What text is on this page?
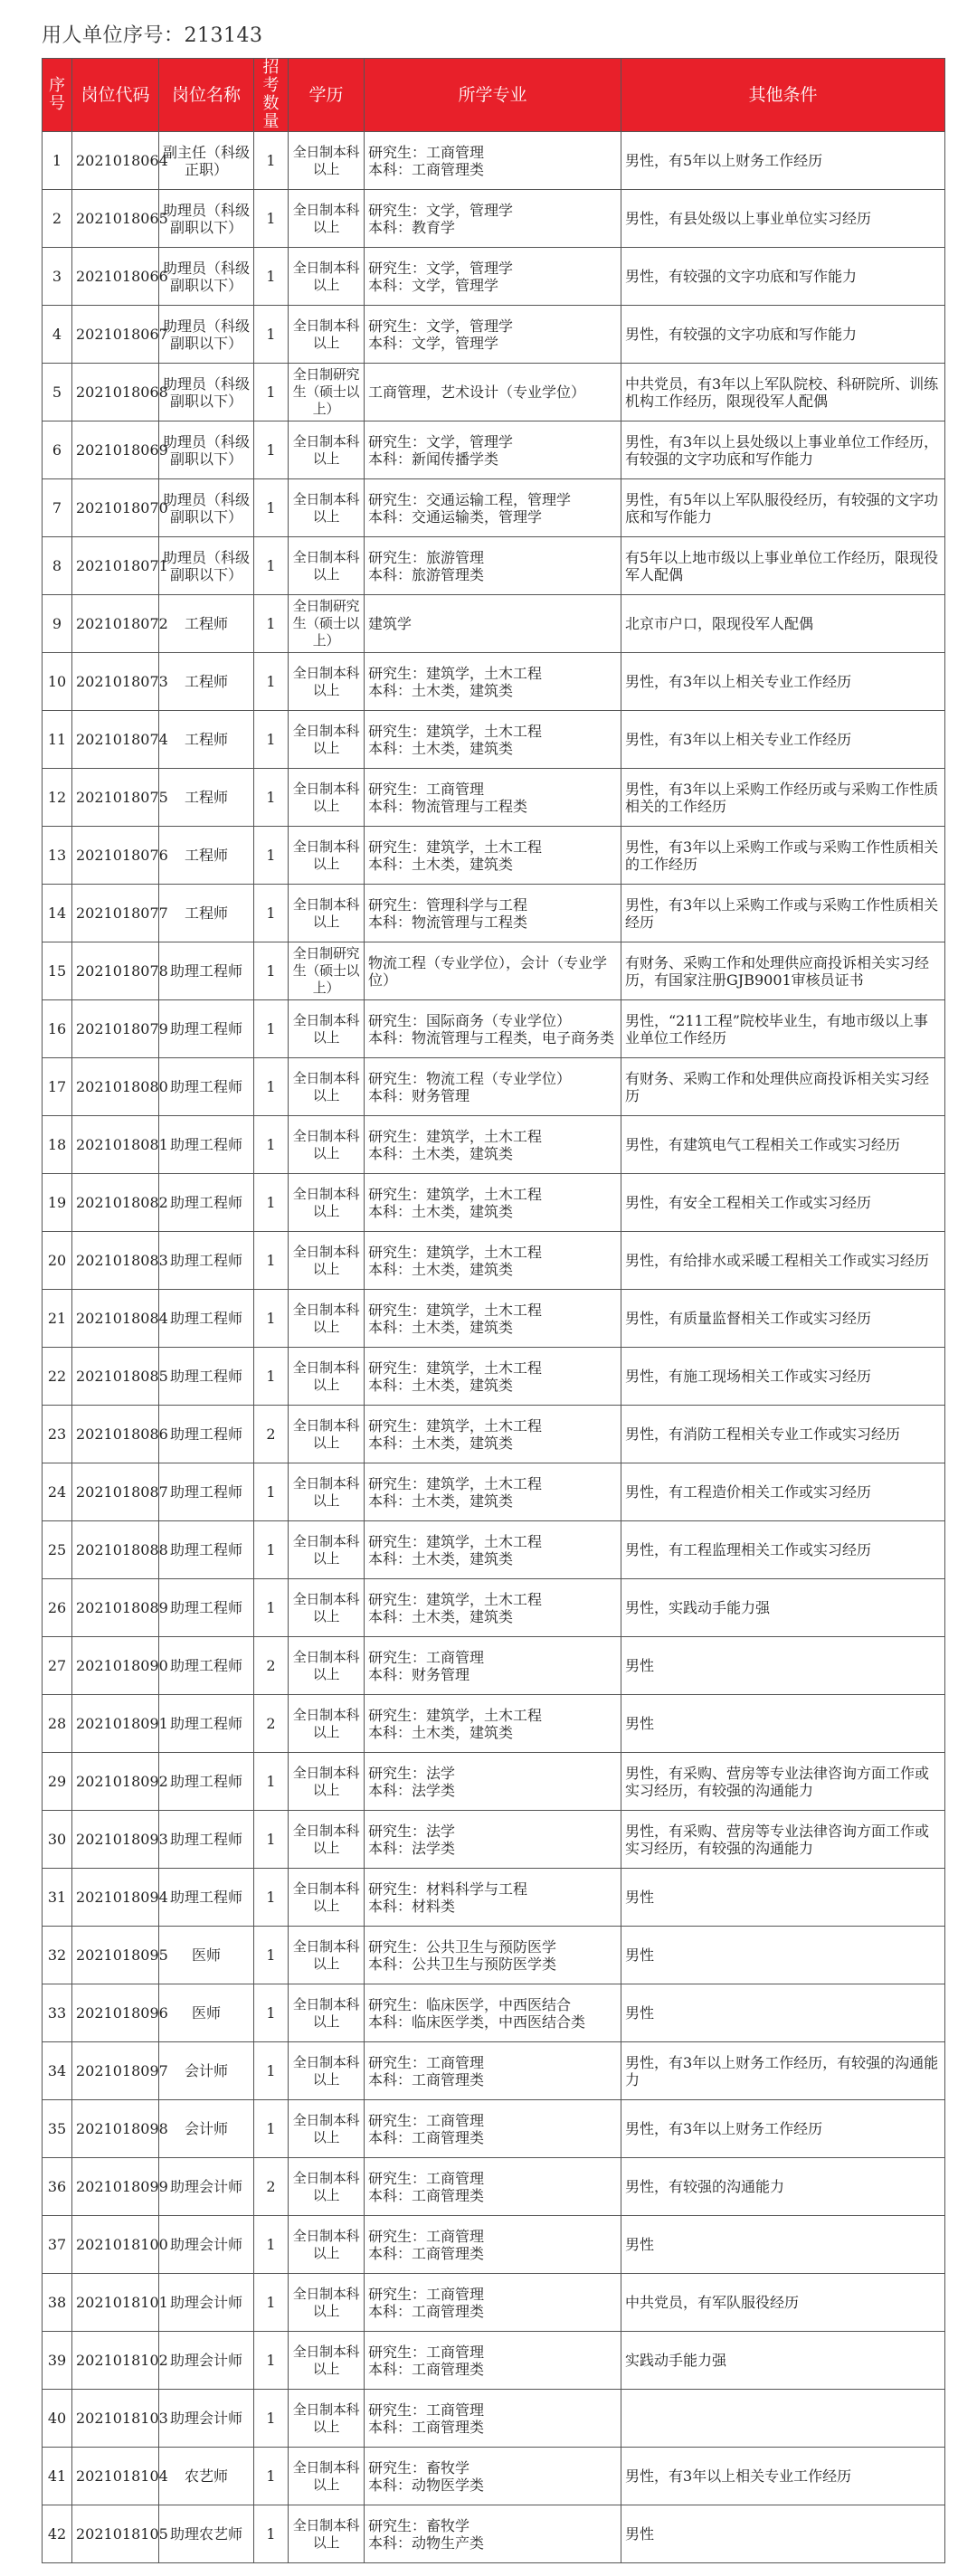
用人单位序号：213143
序号	岗位代码	岗位名称	招考数量	学历	所学专业	其他条件
1	2021018064	副主任（科级正职）	1	全日制本科以上	研究生：工商管理
本科：工商管理类	男性，有5年以上财务工作经历
2	2021018065	助理员（科级副职以下）	1	全日制本科以上	研究生：文学，管理学
本科：教育学	男性，有县处级以上事业单位实习经历
3	2021018066	助理员（科级副职以下）	1	全日制本科以上	研究生：文学，管理学
本科：文学，管理学	男性，有较强的文字功底和写作能力
4	2021018067	助理员（科级副职以下）	1	全日制本科以上	研究生：文学，管理学
本科：文学，管理学	男性，有较强的文字功底和写作能力
5	2021018068	助理员（科级副职以下）	1	全日制研究生（硕士以上）	工商管理，艺术设计（专业学位）	中共党员，有3年以上军队院校、科研院所、训练机构工作经历，限现役军人配偶
6	2021018069	助理员（科级副职以下）	1	全日制本科以上	研究生：文学，管理学
本科：新闻传播学类	男性，有3年以上县处级以上事业单位工作经历，有较强的文字功底和写作能力
7	2021018070	助理员（科级副职以下）	1	全日制本科以上	研究生：交通运输工程，管理学
本科：交通运输类，管理学	男性，有5年以上军队服役经历，有较强的文字功底和写作能力
8	2021018071	助理员（科级副职以下）	1	全日制本科以上	研究生：旅游管理
本科：旅游管理类	有5年以上地市级以上事业单位工作经历，限现役军人配偶
9	2021018072	工程师	1	全日制研究生（硕士以上）	建筑学	北京市户口，限现役军人配偶
10	2021018073	工程师	1	全日制本科以上	研究生：建筑学，土木工程
本科：土木类，建筑类	男性，有3年以上相关专业工作经历
11	2021018074	工程师	1	全日制本科以上	研究生：建筑学，土木工程
本科：土木类，建筑类	男性，有3年以上相关专业工作经历
12	2021018075	工程师	1	全日制本科以上	研究生：工商管理
本科：物流管理与工程类	男性，有3年以上采购工作经历或与采购工作性质相关的工作经历
13	2021018076	工程师	1	全日制本科以上	研究生：建筑学，土木工程
本科：土木类，建筑类	男性，有3年以上采购工作或与采购工作性质相关的工作经历
14	2021018077	工程师	1	全日制本科以上	研究生：管理科学与工程
本科：物流管理与工程类	男性，有3年以上采购工作或与采购工作性质相关经历
15	2021018078	助理工程师	1	全日制研究生（硕士以上）	物流工程（专业学位），会计（专业学位）	有财务、采购工作和处理供应商投诉相关实习经历，有国家注册GJB9001审核员证书
16	2021018079	助理工程师	1	全日制本科以上	研究生：国际商务（专业学位）
本科：物流管理与工程类，电子商务类	男性，“211工程”院校毕业生，有地市级以上事业单位工作经历
17	2021018080	助理工程师	1	全日制本科以上	研究生：物流工程（专业学位）
本科：财务管理	有财务、采购工作和处理供应商投诉相关实习经历
18	2021018081	助理工程师	1	全日制本科以上	研究生：建筑学，土木工程
本科：土木类，建筑类	男性，有建筑电气工程相关工作或实习经历
19	2021018082	助理工程师	1	全日制本科以上	研究生：建筑学，土木工程
本科：土木类，建筑类	男性，有安全工程相关工作或实习经历
20	2021018083	助理工程师	1	全日制本科以上	研究生：建筑学，土木工程
本科：土木类，建筑类	男性，有给排水或采暖工程相关工作或实习经历
21	2021018084	助理工程师	1	全日制本科以上	研究生：建筑学，土木工程
本科：土木类，建筑类	男性，有质量监督相关工作或实习经历
22	2021018085	助理工程师	1	全日制本科以上	研究生：建筑学，土木工程
本科：土木类，建筑类	男性，有施工现场相关工作或实习经历
23	2021018086	助理工程师	2	全日制本科以上	研究生：建筑学，土木工程
本科：土木类，建筑类	男性，有消防工程相关专业工作或实习经历
24	2021018087	助理工程师	1	全日制本科以上	研究生：建筑学，土木工程
本科：土木类，建筑类	男性，有工程造价相关工作或实习经历
25	2021018088	助理工程师	1	全日制本科以上	研究生：建筑学，土木工程
本科：土木类，建筑类	男性，有工程监理相关工作或实习经历
26	2021018089	助理工程师	1	全日制本科以上	研究生：建筑学，土木工程
本科：土木类，建筑类	男性，实践动手能力强
27	2021018090	助理工程师	2	全日制本科以上	研究生：工商管理
本科：财务管理	男性
28	2021018091	助理工程师	2	全日制本科以上	研究生：建筑学，土木工程
本科：土木类，建筑类	男性
29	2021018092	助理工程师	1	全日制本科以上	研究生：法学
本科：法学类	男性，有采购、营房等专业法律咨询方面工作或实习经历，有较强的沟通能力
30	2021018093	助理工程师	1	全日制本科以上	研究生：法学
本科：法学类	男性，有采购、营房等专业法律咨询方面工作或实习经历，有较强的沟通能力
31	2021018094	助理工程师	1	全日制本科以上	研究生：材料科学与工程
本科：材料类	男性
32	2021018095	医师	1	全日制本科以上	研究生：公共卫生与预防医学
本科：公共卫生与预防医学类	男性
33	2021018096	医师	1	全日制本科以上	研究生：临床医学，中西医结合
本科：临床医学类，中西医结合类	男性
34	2021018097	会计师	1	全日制本科以上	研究生：工商管理
本科：工商管理类	男性，有3年以上财务工作经历，有较强的沟通能力
35	2021018098	会计师	1	全日制本科以上	研究生：工商管理
本科：工商管理类	男性，有3年以上财务工作经历
36	2021018099	助理会计师	2	全日制本科以上	研究生：工商管理
本科：工商管理类	男性，有较强的沟通能力
37	2021018100	助理会计师	1	全日制本科以上	研究生：工商管理
本科：工商管理类	男性
38	2021018101	助理会计师	1	全日制本科以上	研究生：工商管理
本科：工商管理类	中共党员，有军队服役经历
39	2021018102	助理会计师	1	全日制本科以上	研究生：工商管理
本科：工商管理类	实践动手能力强
40	2021018103	助理会计师	1	全日制本科以上	研究生：工商管理
本科：工商管理类	
41	2021018104	农艺师	1	全日制本科以上	研究生：畜牧学
本科：动物医学类	男性，有3年以上相关专业工作经历
42	2021018105	助理农艺师	1	全日制本科以上	研究生：畜牧学
本科：动物生产类	男性
